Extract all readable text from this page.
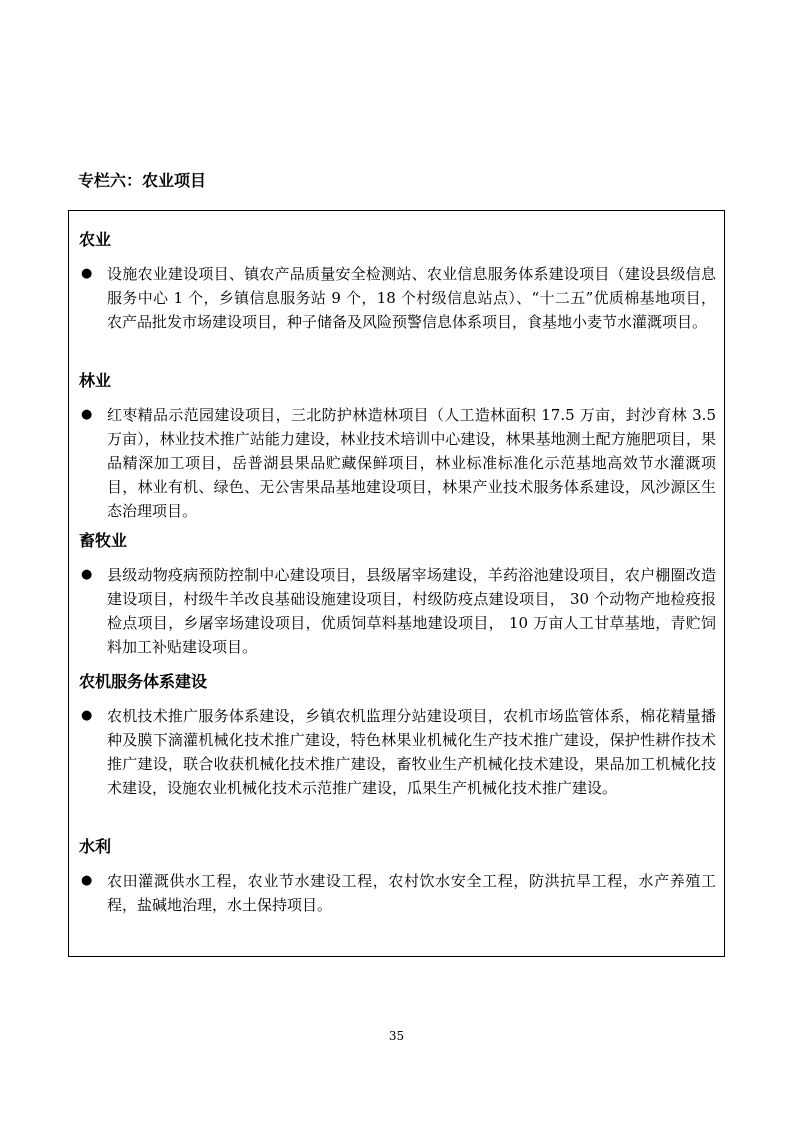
专栏六：农业项目
农业
● 设施农业建设项目、镇农产品质量安全检测站、农业信息服务体系建设项目（建设县级信息服务中心 1 个，乡镇信息服务站 9 个，18 个村级信息站点）、“十二五”优质棉基地项目，农产品批发市场建设项目，种子储备及风险预警信息体系项目，食基地小麦节水灌溉项目。
林业
● 红枣精品示范园建设项目，三北防护林造林项目（人工造林面积 17.5 万亩，封沙育林 3.5 万亩），林业技术推广站能力建设，林业技术培训中心建设，林果基地测土配方施肥项目，果品精深加工项目，岳普湖县果品贮藏保鲜项目，林业标准标准化示范基地高效节水灌溉项目，林业有机、绿色、无公害果品基地建设项目，林果产业技术服务体系建设，风沙源区生态治理项目。
畜牧业
● 县级动物疫病预防控制中心建设项目，县级屠宰场建设，羊药浴池建设项目，农户棚圈改造建设项目，村级牛羊改良基础设施建设项目，村级防疫点建设项目， 30 个动物产地检疫报检点项目，乡屠宰场建设项目，优质饲草料基地建设项目， 10 万亩人工甘草基地，青贮饲料加工补贴建设项目。
农机服务体系建设
● 农机技术推广服务体系建设，乡镇农机监理分站建设项目，农机市场监管体系，棉花精量播种及膜下滴灌机械化技术推广建设，特色林果业机械化生产技术推广建设，保护性耕作技术推广建设，联合收获机械化技术推广建设，畜牧业生产机械化技术建设，果品加工机械化技术建设，设施农业机械化技术示范推广建设，瓜果生产机械化技术推广建设。
水利
● 农田灌溉供水工程，农业节水建设工程，农村饮水安全工程，防洪抗旱工程，水产养殖工程，盐碱地治理，水土保持项目。
35
